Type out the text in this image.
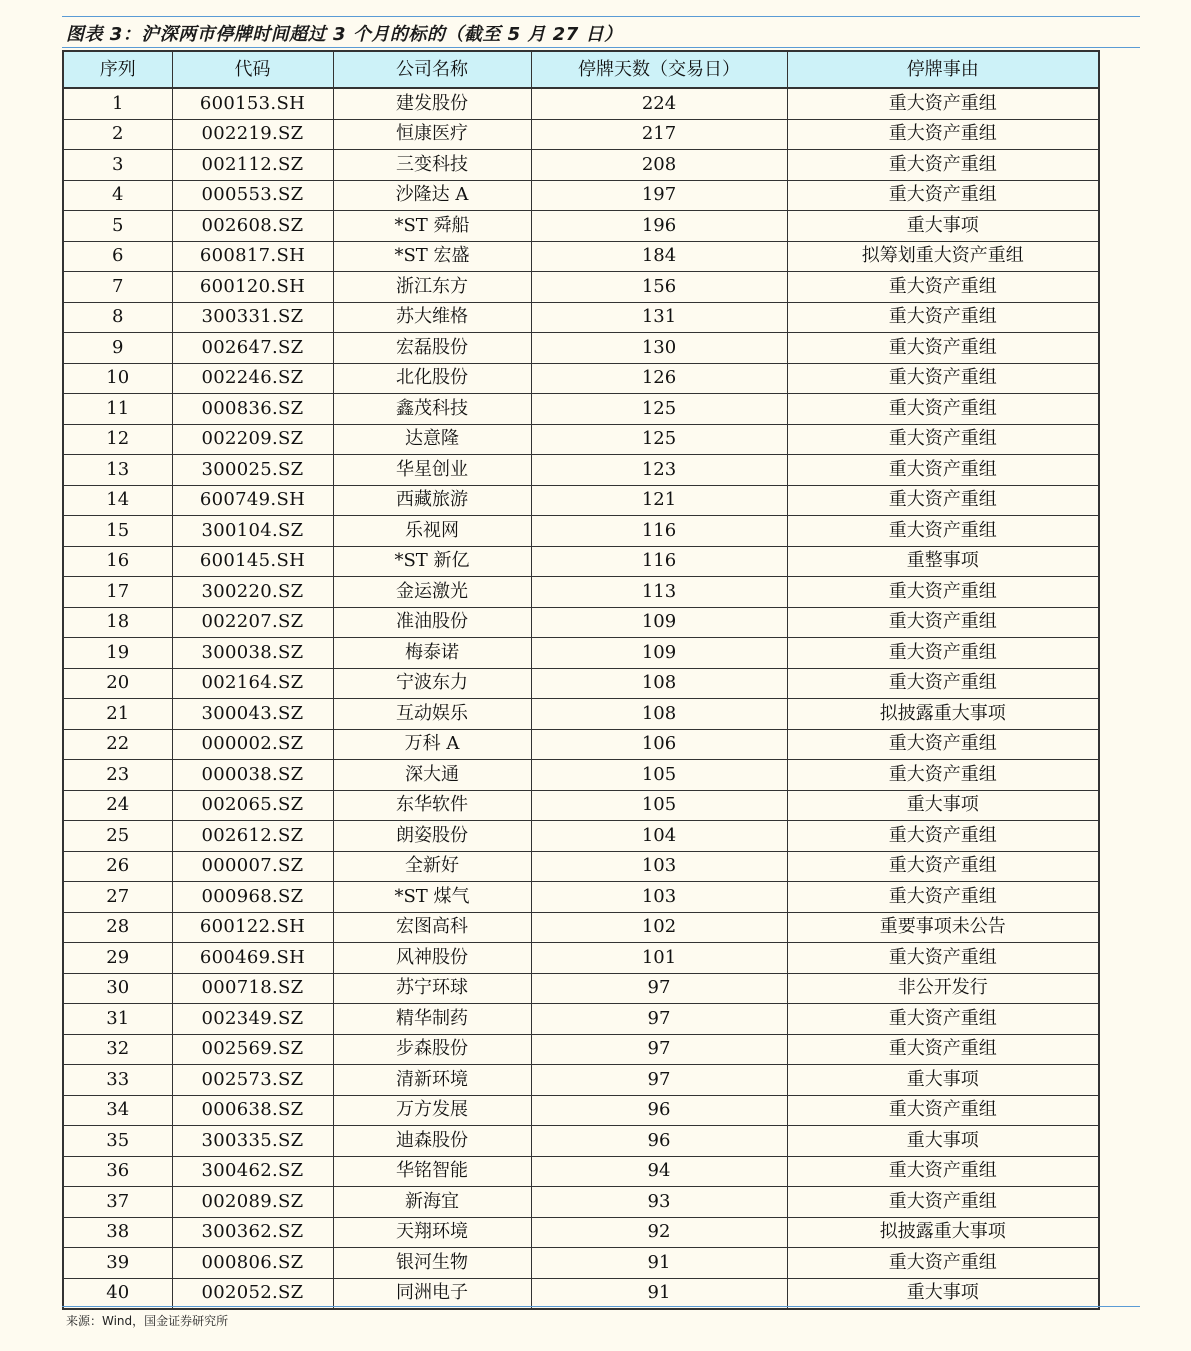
图表 3：沪深两市停牌时间超过 3 个月的标的（截至 5 月 27 日）
序列	代码	公司名称	停牌天数（交易日）	停牌事由
1	600153.SH	建发股份	224	重大资产重组
2	002219.SZ	恒康医疗	217	重大资产重组
3	002112.SZ	三变科技	208	重大资产重组
4	000553.SZ	沙隆达 A	197	重大资产重组
5	002608.SZ	*ST 舜船	196	重大事项
6	600817.SH	*ST 宏盛	184	拟筹划重大资产重组
7	600120.SH	浙江东方	156	重大资产重组
8	300331.SZ	苏大维格	131	重大资产重组
9	002647.SZ	宏磊股份	130	重大资产重组
10	002246.SZ	北化股份	126	重大资产重组
11	000836.SZ	鑫茂科技	125	重大资产重组
12	002209.SZ	达意隆	125	重大资产重组
13	300025.SZ	华星创业	123	重大资产重组
14	600749.SH	西藏旅游	121	重大资产重组
15	300104.SZ	乐视网	116	重大资产重组
16	600145.SH	*ST 新亿	116	重整事项
17	300220.SZ	金运激光	113	重大资产重组
18	002207.SZ	准油股份	109	重大资产重组
19	300038.SZ	梅泰诺	109	重大资产重组
20	002164.SZ	宁波东力	108	重大资产重组
21	300043.SZ	互动娱乐	108	拟披露重大事项
22	000002.SZ	万科 A	106	重大资产重组
23	000038.SZ	深大通	105	重大资产重组
24	002065.SZ	东华软件	105	重大事项
25	002612.SZ	朗姿股份	104	重大资产重组
26	000007.SZ	全新好	103	重大资产重组
27	000968.SZ	*ST 煤气	103	重大资产重组
28	600122.SH	宏图高科	102	重要事项未公告
29	600469.SH	风神股份	101	重大资产重组
30	000718.SZ	苏宁环球	97	非公开发行
31	002349.SZ	精华制药	97	重大资产重组
32	002569.SZ	步森股份	97	重大资产重组
33	002573.SZ	清新环境	97	重大事项
34	000638.SZ	万方发展	96	重大资产重组
35	300335.SZ	迪森股份	96	重大事项
36	300462.SZ	华铭智能	94	重大资产重组
37	002089.SZ	新海宜	93	重大资产重组
38	300362.SZ	天翔环境	92	拟披露重大事项
39	000806.SZ	银河生物	91	重大资产重组
40	002052.SZ	同洲电子	91	重大事项
来源：Wind，国金证券研究所
